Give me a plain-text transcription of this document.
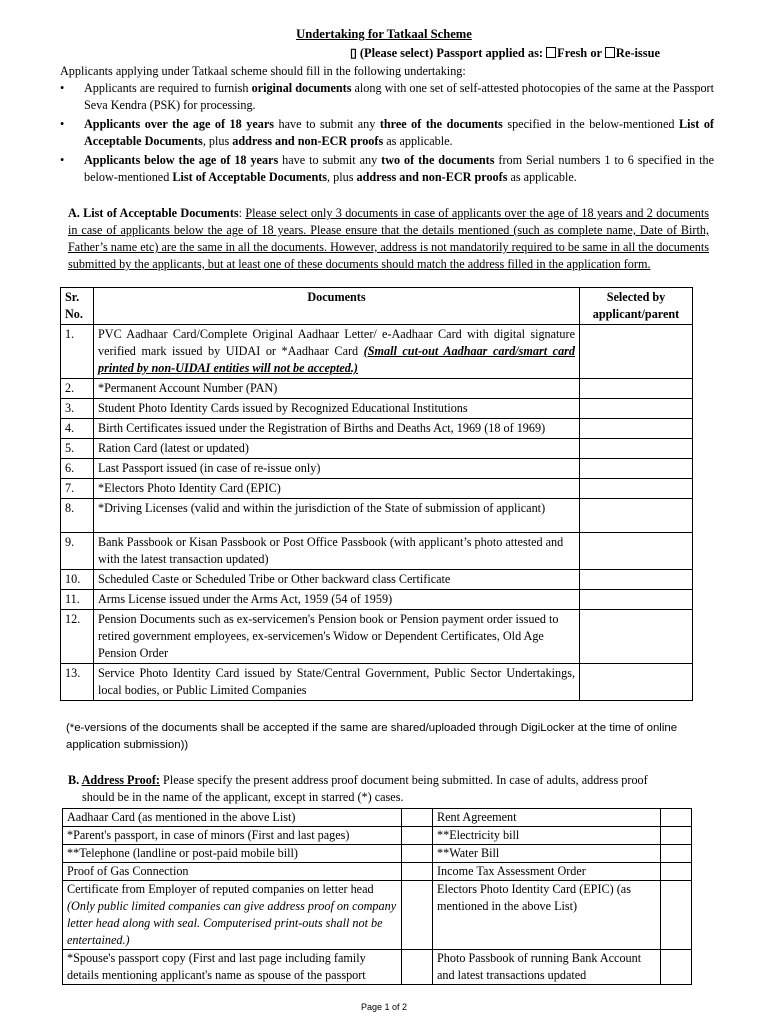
Undertaking for Tatkaal Scheme
▯ (Please select) Passport applied as: Fresh or Re-issue
Applicants applying under Tatkaal scheme should fill in the following undertaking:
• Applicants are required to furnish original documents along with one set of self-attested photocopies of the same at the Passport Seva Kendra (PSK) for processing.
• Applicants over the age of 18 years have to submit any three of the documents specified in the below-mentioned List of Acceptable Documents, plus address and non-ECR proofs as applicable.
• Applicants below the age of 18 years have to submit any two of the documents from Serial numbers 1 to 6 specified in the below-mentioned List of Acceptable Documents, plus address and non-ECR proofs as applicable.
A. List of Acceptable Documents: Please select only 3 documents in case of applicants over the age of 18 years and 2 documents in case of applicants below the age of 18 years. Please ensure that the details mentioned (such as complete name, Date of Birth, Father’s name etc) are the same in all the documents. However, address is not mandatorily required to be same in all the documents submitted by the applicants, but at least one of these documents should match the address filled in the application form.
Sr. No.	Documents	Selected by applicant/parent
1.	PVC Aadhaar Card/Complete Original Aadhaar Letter/ e-Aadhaar Card with digital signature verified mark issued by UIDAI or *Aadhaar Card (Small cut-out Aadhaar card/smart card printed by non-UIDAI entities will not be accepted.)	
2.	*Permanent Account Number (PAN)	
3.	Student Photo Identity Cards issued by Recognized Educational Institutions	
4.	Birth Certificates issued under the Registration of Births and Deaths Act, 1969 (18 of 1969)	
5.	Ration Card (latest or updated)	
6.	Last Passport issued (in case of re-issue only)	
7.	*Electors Photo Identity Card (EPIC)	
8.	*Driving Licenses (valid and within the jurisdiction of the State of submission of applicant)	
9.	Bank Passbook or Kisan Passbook or Post Office Passbook (with applicant’s photo attested and with the latest transaction updated)	
10.	Scheduled Caste or Scheduled Tribe or Other backward class Certificate	
11.	Arms License issued under the Arms Act, 1959 (54 of 1959)	
12.	Pension Documents such as ex-servicemen's Pension book or Pension payment order issued to retired government employees, ex-servicemen's Widow or Dependent Certificates, Old Age Pension Order	
13.	Service Photo Identity Card issued by State/Central Government, Public Sector Undertakings, local bodies, or Public Limited Companies	
(*e-versions of the documents shall be accepted if the same are shared/uploaded through DigiLocker at the time of online application submission))
B. Address Proof: Please specify the present address proof document being submitted. In case of adults, address proof
should be in the name of the applicant, except in starred (*) cases.
Aadhaar Card (as mentioned in the above List)		Rent Agreement	
*Parent's passport, in case of minors (First and last pages)		**Electricity bill	
**Telephone (landline or post-paid mobile bill)		**Water Bill	
Proof of Gas Connection		Income Tax Assessment Order	
Certificate from Employer of reputed companies on letter head
(Only public limited companies can give address proof on company letter head along with seal. Computerised print-outs shall not be entertained.)		Electors Photo Identity Card (EPIC) (as mentioned in the above List)	
*Spouse's passport copy (First and last page including family details mentioning applicant's name as spouse of the passport		Photo Passbook of running Bank Account and latest transactions updated	
Page 1 of 2
